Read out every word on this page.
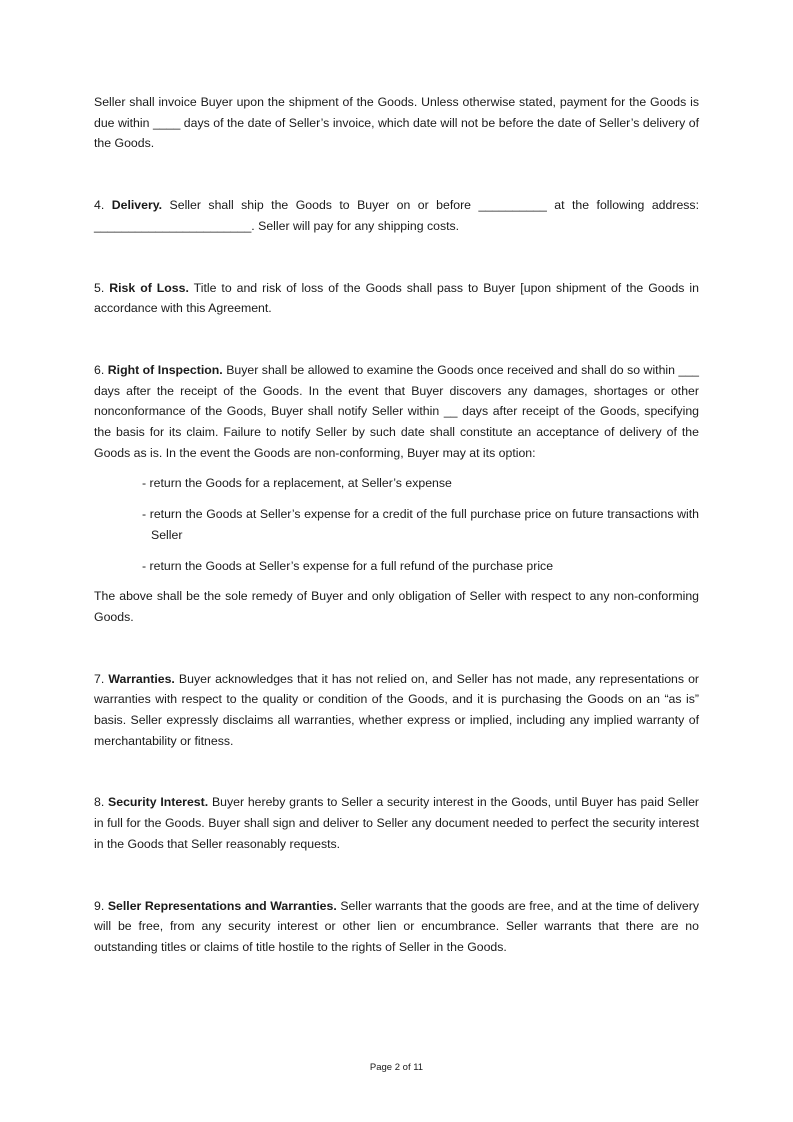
Seller shall invoice Buyer upon the shipment of the Goods. Unless otherwise stated, payment for the Goods is due within ____ days of the date of Seller’s invoice, which date will not be before the date of Seller’s delivery of the Goods.

4. Delivery. Seller shall ship the Goods to Buyer on or before __________ at the following address: _______________________. Seller will pay for any shipping costs.

5. Risk of Loss. Title to and risk of loss of the Goods shall pass to Buyer [upon shipment of the Goods in accordance with this Agreement.

6. Right of Inspection. Buyer shall be allowed to examine the Goods once received and shall do so within ___ days after the receipt of the Goods. In the event that Buyer discovers any damages, shortages or other nonconformance of the Goods, Buyer shall notify Seller within __ days after receipt of the Goods, specifying the basis for its claim. Failure to notify Seller by such date shall constitute an acceptance of delivery of the Goods as is. In the event the Goods are non-conforming, Buyer may at its option:

- return the Goods for a replacement, at Seller’s expense

- return the Goods at Seller’s expense for a credit of the full purchase price on future transactions with Seller

- return the Goods at Seller’s expense for a full refund of the purchase price

The above shall be the sole remedy of Buyer and only obligation of Seller with respect to any non-conforming Goods.

7. Warranties. Buyer acknowledges that it has not relied on, and Seller has not made, any representations or warranties with respect to the quality or condition of the Goods, and it is purchasing the Goods on an “as is” basis. Seller expressly disclaims all warranties, whether express or implied, including any implied warranty of merchantability or fitness.

8. Security Interest. Buyer hereby grants to Seller a security interest in the Goods, until Buyer has paid Seller in full for the Goods. Buyer shall sign and deliver to Seller any document needed to perfect the security interest in the Goods that Seller reasonably requests.

9. Seller Representations and Warranties. Seller warrants that the goods are free, and at the time of delivery will be free, from any security interest or other lien or encumbrance. Seller warrants that there are no outstanding titles or claims of title hostile to the rights of Seller in the Goods.

Page 2 of 11
